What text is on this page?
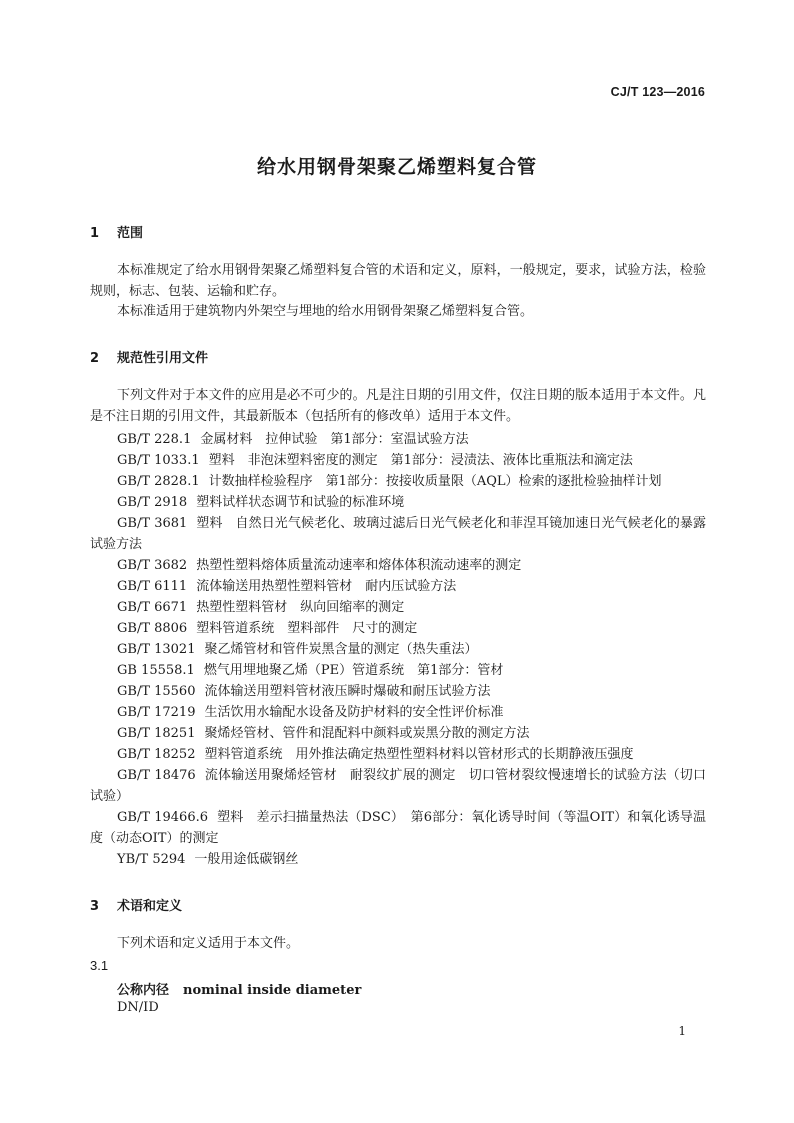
CJ/T 123—2016
给水用钢骨架聚乙烯塑料复合管
1 范围
本标准规定了给水用钢骨架聚乙烯塑料复合管的术语和定义，原料，一般规定，要求，试验方法，检验规则，标志、包装、运输和贮存。
本标准适用于建筑物内外架空与埋地的给水用钢骨架聚乙烯塑料复合管。
2 规范性引用文件
下列文件对于本文件的应用是必不可少的。凡是注日期的引用文件，仅注日期的版本适用于本文件。凡是不注日期的引用文件，其最新版本（包括所有的修改单）适用于本文件。
GB/T 228.1 金属材料　拉伸试验　第1部分：室温试验方法
GB/T 1033.1 塑料　非泡沫塑料密度的测定　第1部分：浸渍法、液体比重瓶法和滴定法
GB/T 2828.1 计数抽样检验程序　第1部分：按接收质量限（AQL）检索的逐批检验抽样计划
GB/T 2918 塑料试样状态调节和试验的标准环境
GB/T 3681 塑料　自然日光气候老化、玻璃过滤后日光气候老化和菲涅耳镜加速日光气候老化的暴露试验方法
GB/T 3682 热塑性塑料熔体质量流动速率和熔体体积流动速率的测定
GB/T 6111 流体输送用热塑性塑料管材　耐内压试验方法
GB/T 6671 热塑性塑料管材　纵向回缩率的测定
GB/T 8806 塑料管道系统　塑料部件　尺寸的测定
GB/T 13021 聚乙烯管材和管件炭黑含量的测定（热失重法）
GB 15558.1 燃气用埋地聚乙烯（PE）管道系统　第1部分：管材
GB/T 15560 流体输送用塑料管材液压瞬时爆破和耐压试验方法
GB/T 17219 生活饮用水输配水设备及防护材料的安全性评价标准
GB/T 18251 聚烯烃管材、管件和混配料中颜料或炭黑分散的测定方法
GB/T 18252 塑料管道系统　用外推法确定热塑性塑料材料以管材形式的长期静液压强度
GB/T 18476 流体输送用聚烯烃管材　耐裂纹扩展的测定　切口管材裂纹慢速增长的试验方法（切口试验）
GB/T 19466.6 塑料　差示扫描量热法（DSC）　第6部分：氧化诱导时间（等温OIT）和氧化诱导温度（动态OIT）的测定
YB/T 5294 一般用途低碳钢丝
3 术语和定义
下列术语和定义适用于本文件。
3.1
公称内径 nominal inside diameter
DN/ID
1
